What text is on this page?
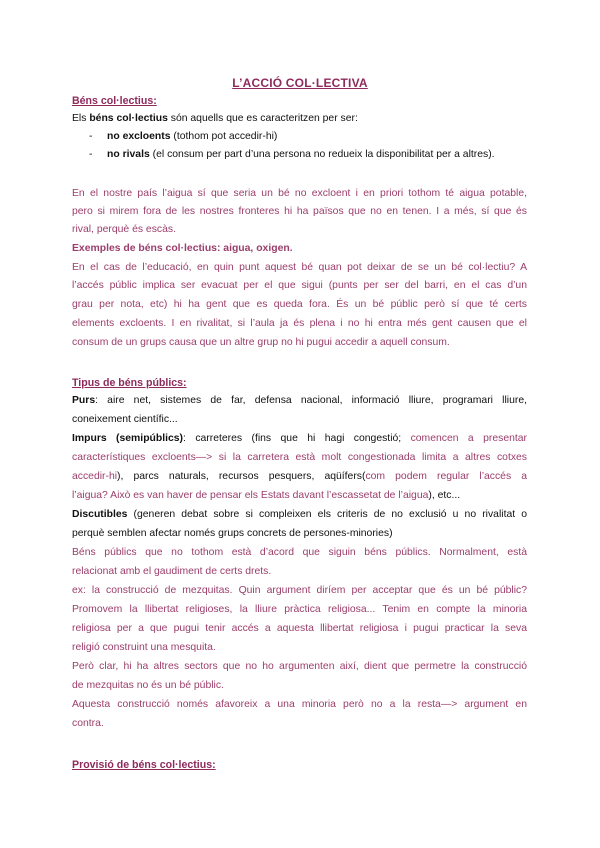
L’ACCIÓ COL·LECTIVA
Béns col·lectius:
Els béns col·lectius són aquells que es caracteritzen per ser:
- no excloents (tothom pot accedir-hi)
- no rivals (el consum per part d’una persona no redueix la disponibilitat per a altres).
En el nostre país l’aigua sí que seria un bé no excloent i en priori tothom té aigua potable,
pero si mirem fora de les nostres fronteres hi ha països que no en tenen. I a més, sí que és
rival, perquè és escàs.
Exemples de béns col·lectius: aigua, oxigen.
En el cas de l’educació, en quin punt aquest bé quan pot deixar de se un bé col·lectiu? A
l’accés públic implica ser evacuat per el que sigui (punts per ser del barri, en el cas d’un
grau per nota, etc) hi ha gent que es queda fora. És un bé públic però sí que té certs
elements excloents. I en rivalitat, si l’aula ja és plena i no hi entra més gent causen que el
consum de un grups causa que un altre grup no hi pugui accedir a aquell consum.
Tipus de béns públics:
Purs: aire net, sistemes de far, defensa nacional, informació lliure, programari lliure,
coneixement científic...
Impurs (semipúblics): carreteres (fins que hi hagi congestió; comencen a presentar
característiques excloents—> si la carretera està molt congestionada limita a altres cotxes
accedir-hi), parcs naturals, recursos pesquers, aqüífers(com podem regular l’accés a
l’aigua? Això es van haver de pensar els Estats davant l’escassetat de l’aigua), etc...
Discutibles (generen debat sobre si compleixen els criteris de no exclusió u no rivalitat o
perquè semblen afectar només grups concrets de persones-minories)
Béns públics que no tothom està d’acord que siguin béns públics. Normalment, està
relacionat amb el gaudiment de certs drets.
ex: la construcció de mezquitas. Quin argument diríem per acceptar que és un bé públic?
Promovem la llibertat religioses, la lliure pràctica religiosa... Tenim en compte la minoria
religiosa per a que pugui tenir accés a aquesta llibertat religiosa i pugui practicar la seva
religió construint una mesquita.
Però clar, hi ha altres sectors que no ho argumenten així, dient que permetre la construcció
de mezquitas no és un bé públic.
Aquesta construcció només afavoreix a una minoria però no a la resta—> argument en
contra.
Provisió de béns col·lectius:
